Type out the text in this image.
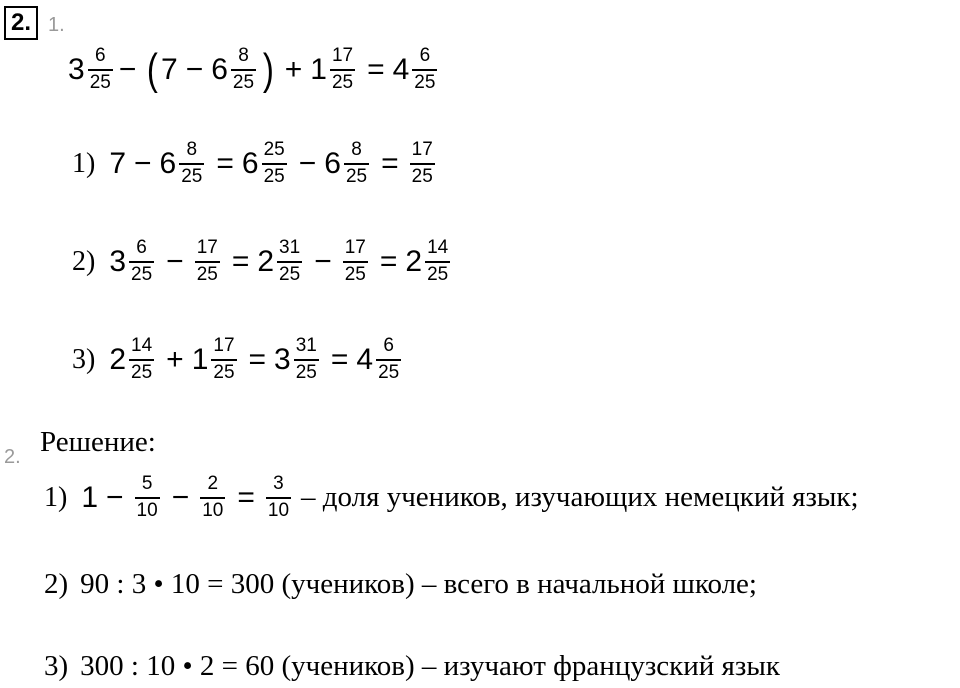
2. 1.
$3 \frac{6}{25}$ − ( $7 - 6 \frac{8}{25}$ ) + $1 \frac{17}{25} = 4 \frac{6}{25}$
1) $7 - 6 \frac{8}{25} = 6 \frac{25}{25} - 6 \frac{8}{25} = \frac{17}{25}$
2) $3 \frac{6}{25} - \frac{17}{25} = 2 \frac{31}{25} - \frac{17}{25} = 2 \frac{14}{25}$
3) $2 \frac{14}{25} + 1 \frac{17}{25} = 3 \frac{31}{25} = 4 \frac{6}{25}$
2. Решение:
1) $1 - \frac{5}{10} - \frac{2}{10} = \frac{3}{10}$ – доля учеников, изучающих немецкий язык;
2) 90 : 3 • 10 = 300 (учеников) – всего в начальной школе;
3) 300 : 10 • 2 = 60 (учеников) – изучают французский язык
